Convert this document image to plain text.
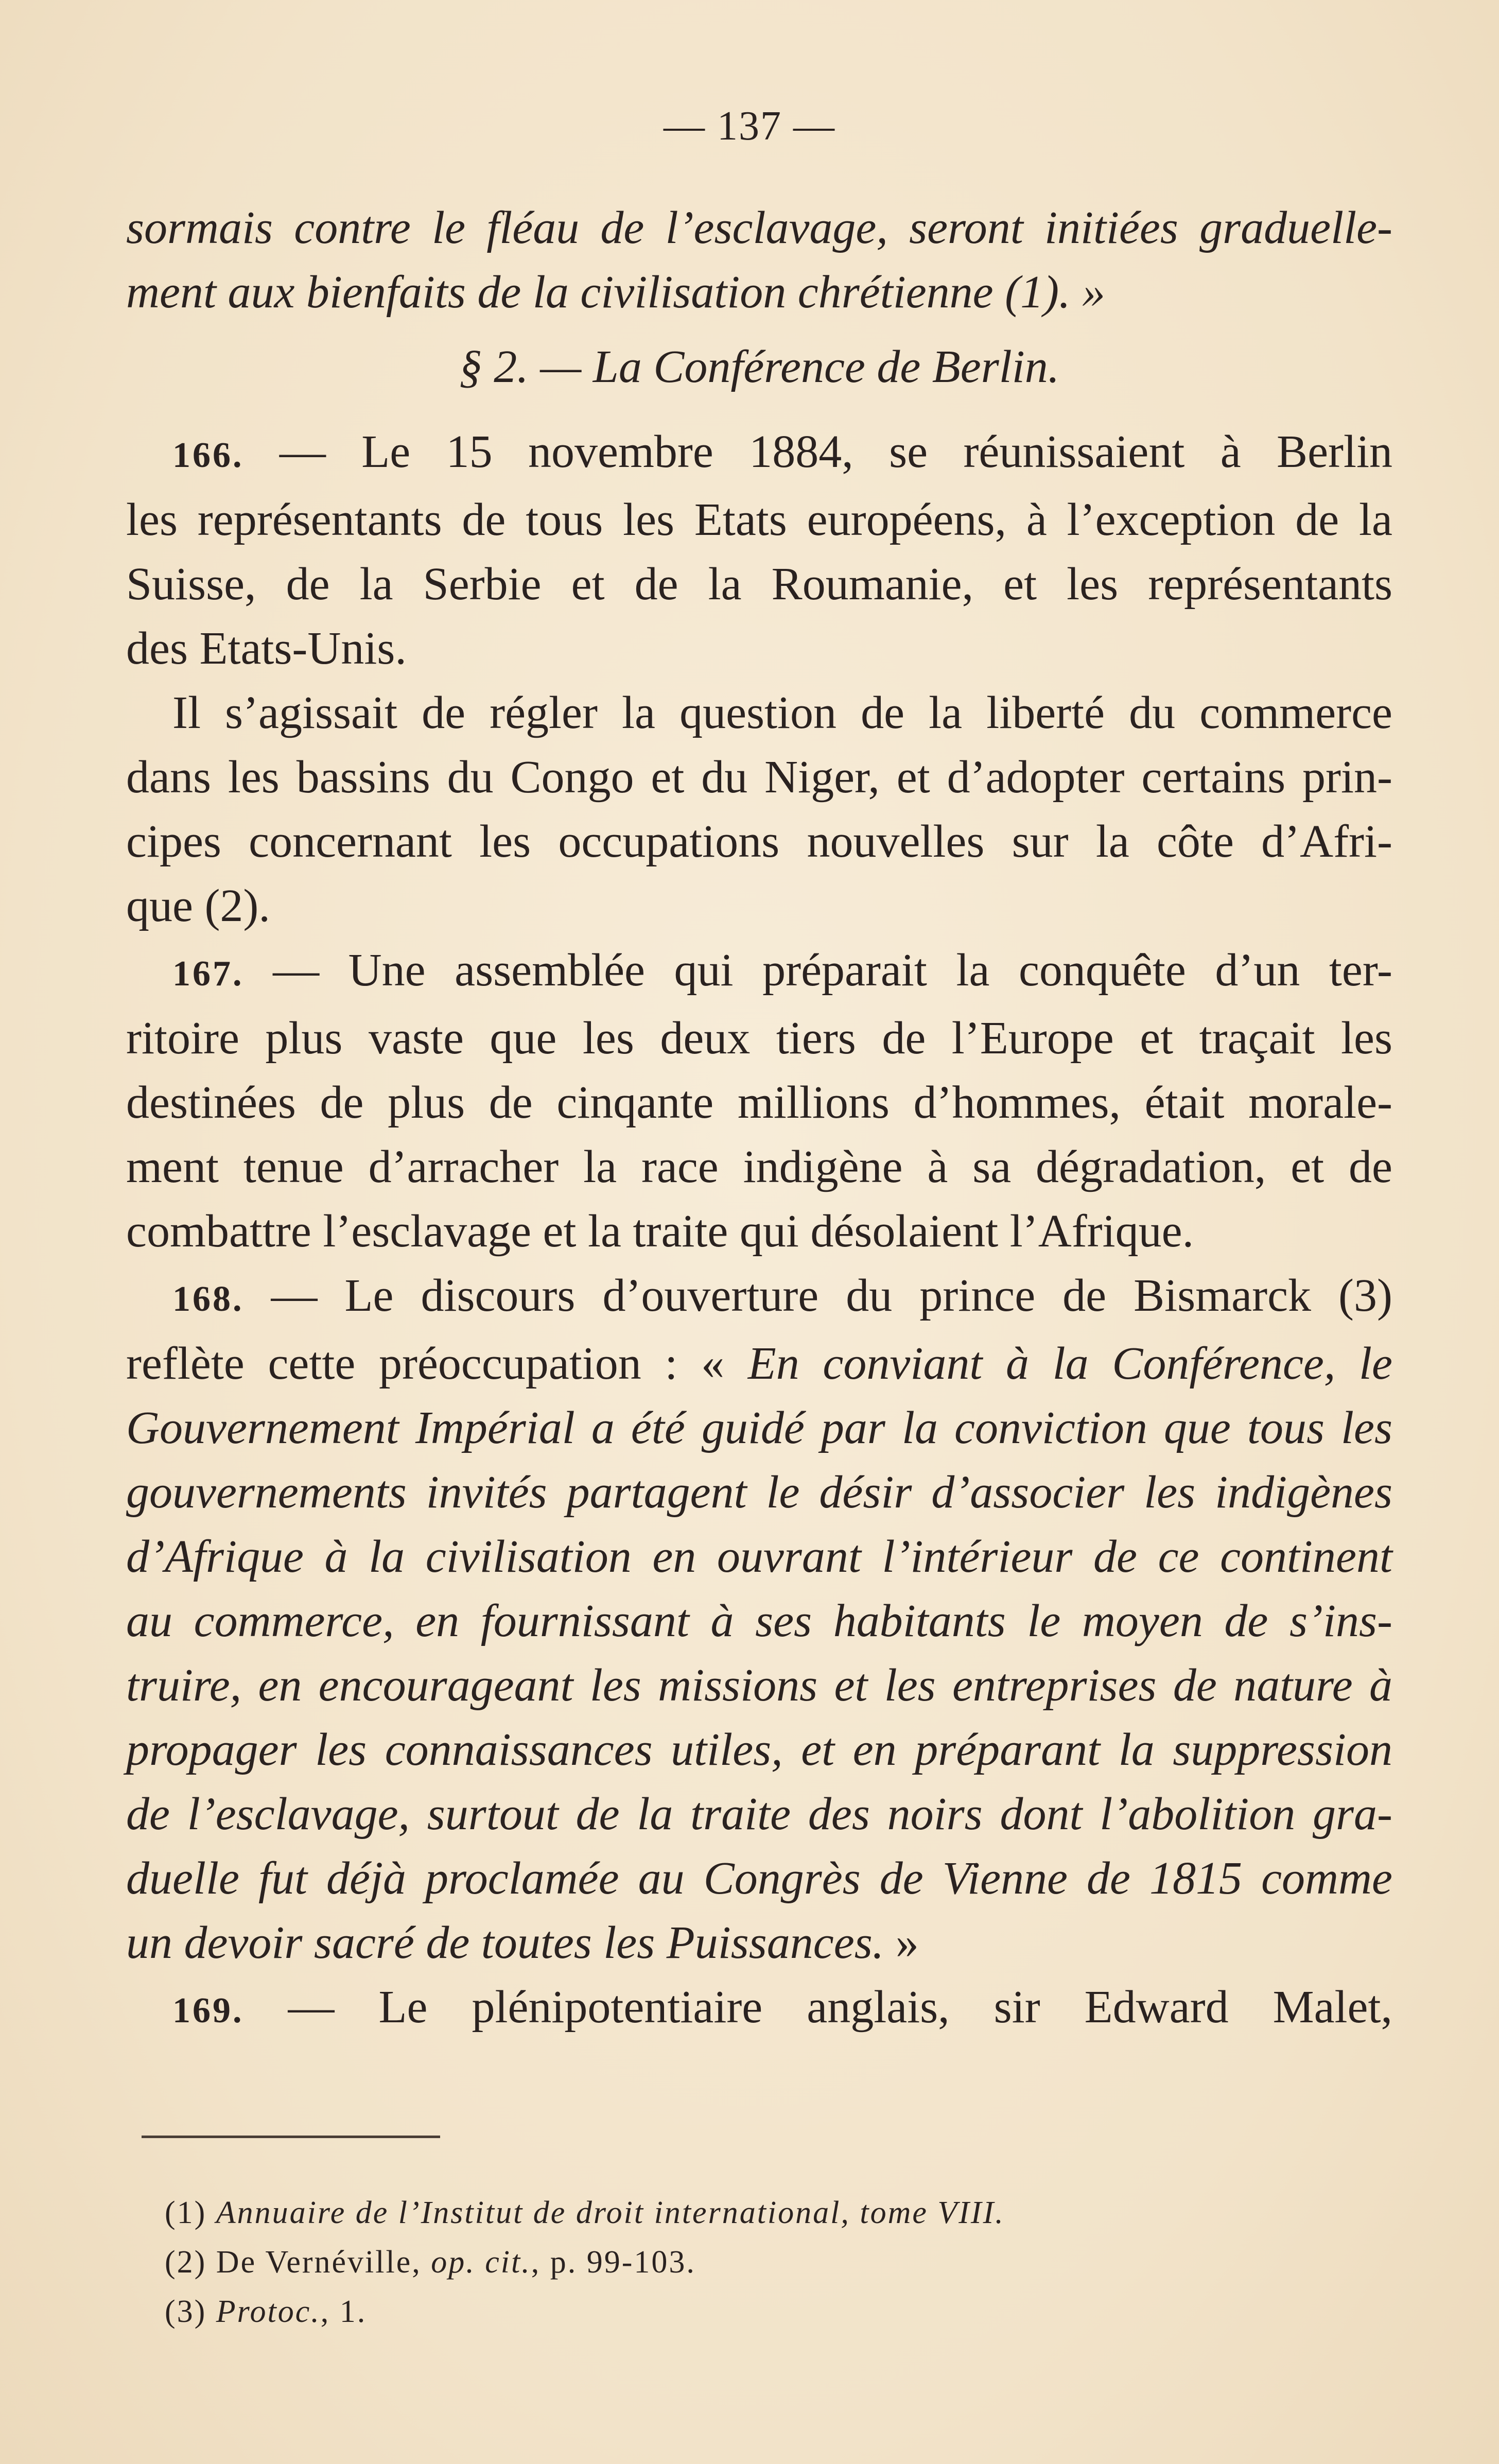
— 137 —

sormais contre le fléau de l’esclavage, seront initiées graduelle-

ment aux bienfaits de la civilisation chrétienne (1). »

§ 2. — La Conférence de Berlin.

166. — Le 15 novembre 1884, se réunissaient à Berlin

les représentants de tous les Etats européens, à l’exception de la

Suisse, de la Serbie et de la Roumanie, et les représentants

des Etats-Unis.

Il s’agissait de régler la question de la liberté du commerce

dans les bassins du Congo et du Niger, et d’adopter certains prin-

cipes concernant les occupations nouvelles sur la côte d’Afri-

que (2).

167. — Une assemblée qui préparait la conquête d’un ter-

ritoire plus vaste que les deux tiers de l’Europe et traçait les

destinées de plus de cinqante millions d’hommes, était morale-

ment tenue d’arracher la race indigène à sa dégradation, et de

combattre l’esclavage et la traite qui désolaient l’Afrique.

168. — Le discours d’ouverture du prince de Bismarck (3)

reflète cette préoccupation : « En conviant à la Conférence, le

Gouvernement Impérial a été guidé par la conviction que tous les

gouvernements invités partagent le désir d’associer les indigènes

d’Afrique à la civilisation en ouvrant l’intérieur de ce continent

au commerce, en fournissant à ses habitants le moyen de s’ins-

truire, en encourageant les missions et les entreprises de nature à

propager les connaissances utiles, et en préparant la suppression

de l’esclavage, surtout de la traite des noirs dont l’abolition gra-

duelle fut déjà proclamée au Congrès de Vienne de 1815 comme

un devoir sacré de toutes les Puissances. »

169. — Le plénipotentiaire anglais, sir Edward Malet,

(1) Annuaire de l’Institut de droit international, tome VIII.
(2) De Vernéville, op. cit., p. 99-103.
(3) Protoc., 1.
